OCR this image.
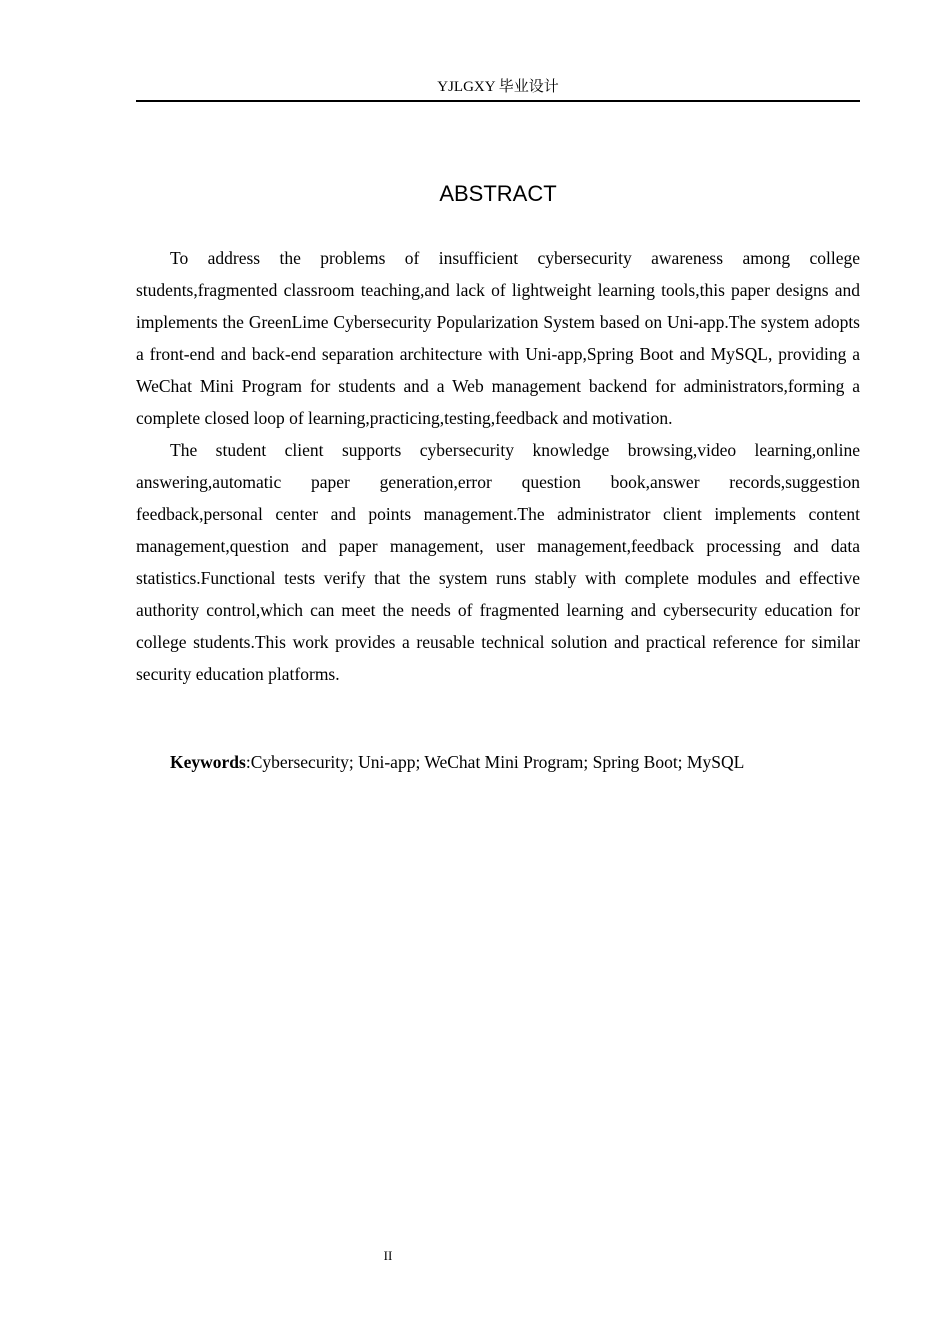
YJLGXY 毕业设计
ABSTRACT

To address the problems of insufficient cybersecurity awareness among college students,fragmented classroom teaching,and lack of lightweight learning tools,this paper designs and implements the GreenLime Cybersecurity Popularization System based on Uni-app.The system adopts a front-end and back-end separation architecture with Uni-app,Spring Boot and MySQL, providing a WeChat Mini Program for students and a Web management backend for administrators,forming a complete closed loop of learning,practicing,testing,feedback and motivation.

The student client supports cybersecurity knowledge browsing,video learning,online answering,automatic paper generation,error question book,answer records,suggestion feedback,personal center and points management.The administrator client implements content management,question and paper management, user management,feedback processing and data statistics.Functional tests verify that the system runs stably with complete modules and effective authority control,which can meet the needs of fragmented learning and cybersecurity education for college students.This work provides a reusable technical solution and practical reference for similar security education platforms.

Keywords:Cybersecurity; Uni-app; WeChat Mini Program; Spring Boot; MySQL

II
